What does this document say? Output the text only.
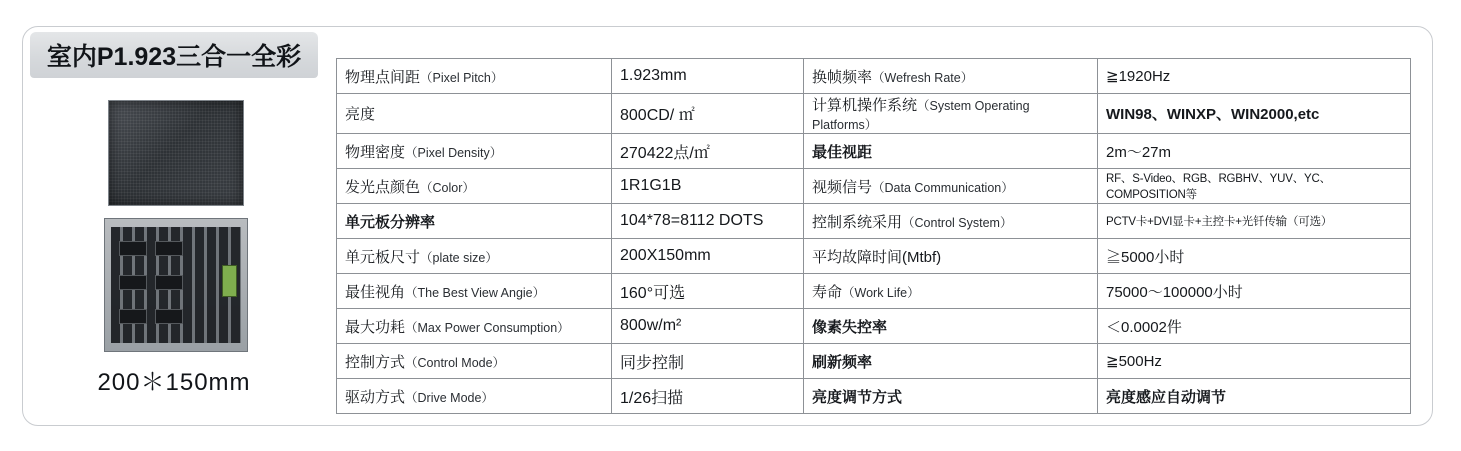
室内P1.923三合一全彩
200＊150mm
物理点间距（Pixel Pitch）	1.923mm	换帧频率（Wefresh Rate）	≧1920Hz
亮度	800CD/ ㎡	计算机操作系统（System Operating Platforms）	WIN98、WINXP、WIN2000,etc
物理密度（Pixel Density）	270422点/㎡	最佳视距	2m～27m
发光点颜色（Color）	1R1G1B	视频信号（Data Communication）	RF、S-Video、RGB、RGBHV、YUV、YC、COMPOSITION等
单元板分辨率	104*78=8112 DOTS	控制系统采用（Control System）	PCTV卡+DVI显卡+主控卡+光钎传输（可选）
单元板尺寸（plate size）	200X150mm	平均故障时间(Mtbf)	≧5000小时
最佳视角（The Best View Angie）	160°可选	寿命（Work Life）	75000～100000小时
最大功耗（Max Power Consumption）	800w/m²	像素失控率	＜0.0002件
控制方式（Control Mode）	同步控制	刷新频率	≧500Hz
驱动方式（Drive Mode）	1/26扫描	亮度调节方式	亮度感应自动调节
